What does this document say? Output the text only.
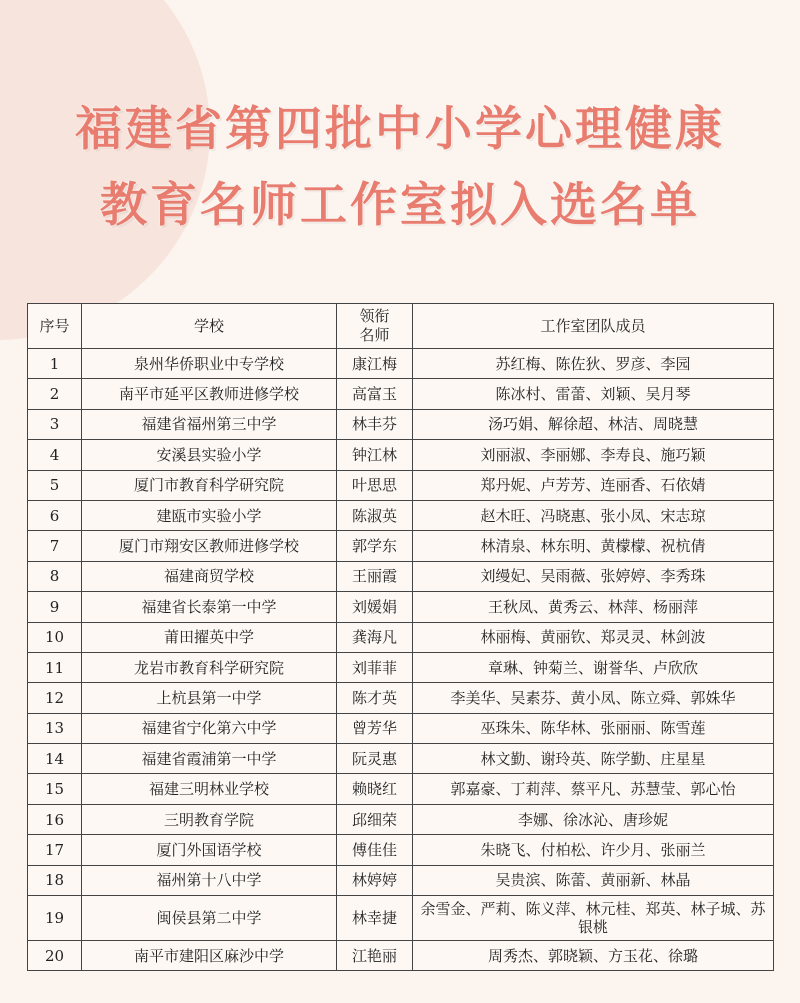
福建省第四批中小学心理健康
教育名师工作室拟入选名单
序号	学校	领衔名师	工作室团队成员
1	泉州华侨职业中专学校	康江梅	苏红梅、陈佐狄、罗彦、李园
2	南平市延平区教师进修学校	高富玉	陈冰村、雷蕾、刘颖、吴月琴
3	福建省福州第三中学	林丰芬	汤巧娟、解徐超、林洁、周晓慧
4	安溪县实验小学	钟江林	刘丽淑、李丽娜、李寿良、施巧颖
5	厦门市教育科学研究院	叶思思	郑丹妮、卢芳芳、连丽香、石依婧
6	建瓯市实验小学	陈淑英	赵木旺、冯晓惠、张小凤、宋志琼
7	厦门市翔安区教师进修学校	郭学东	林清泉、林东明、黄檬檬、祝杭倩
8	福建商贸学校	王丽霞	刘缦妃、吴雨薇、张婷婷、李秀珠
9	福建省长泰第一中学	刘媛娟	王秋凤、黄秀云、林萍、杨丽萍
10	莆田擢英中学	龚海凡	林丽梅、黄丽钦、郑灵灵、林剑波
11	龙岩市教育科学研究院	刘菲菲	章琳、钟菊兰、谢誉华、卢欣欣
12	上杭县第一中学	陈才英	李美华、吴素芬、黄小凤、陈立舜、郭姝华
13	福建省宁化第六中学	曾芳华	巫珠朱、陈华林、张丽丽、陈雪莲
14	福建省霞浦第一中学	阮灵惠	林文勤、谢玲英、陈学勤、庄星星
15	福建三明林业学校	赖晓红	郭嘉豪、丁莉萍、蔡平凡、苏慧莹、郭心怡
16	三明教育学院	邱细荣	李娜、徐冰沁、唐珍妮
17	厦门外国语学校	傅佳佳	朱晓飞、付柏松、许少月、张丽兰
18	福州第十八中学	林婷婷	吴贵滨、陈蕾、黄丽新、林晶
19	闽侯县第二中学	林幸捷	余雪金、严莉、陈义萍、林元桂、郑英、林子城、苏银桃
20	南平市建阳区麻沙中学	江艳丽	周秀杰、郭晓颖、方玉花、徐璐
